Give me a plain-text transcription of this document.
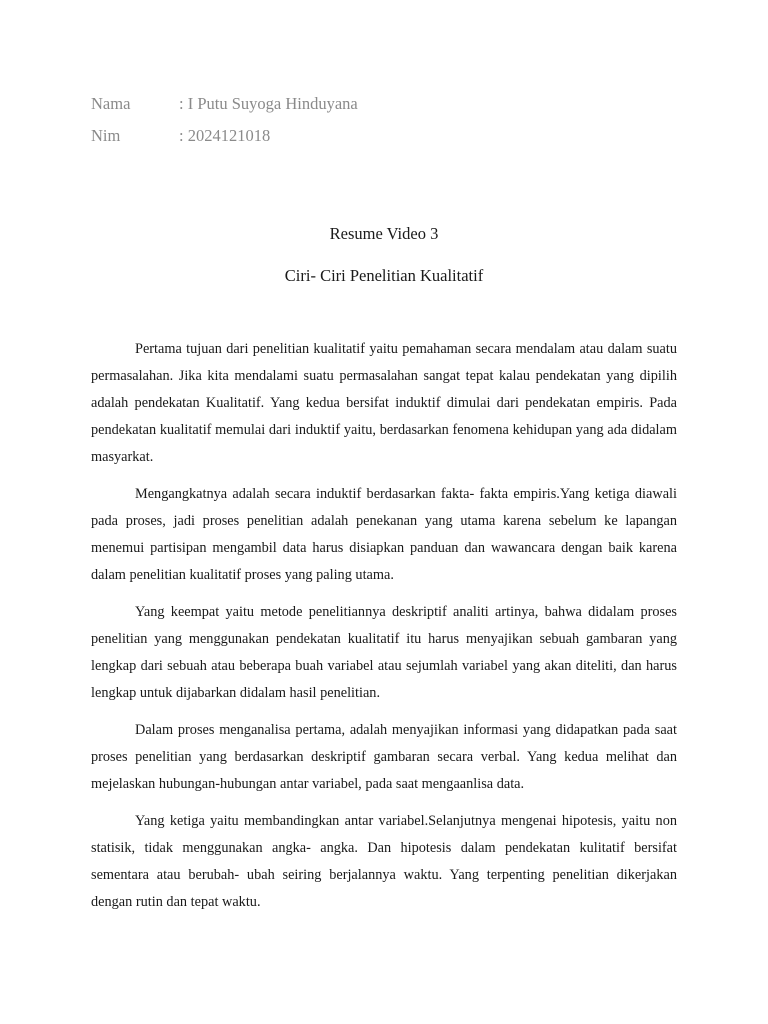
Nama	: I Putu Suyoga Hinduyana
Nim	: 2024121018
Resume Video 3
Ciri- Ciri Penelitian Kualitatif

Pertama tujuan dari penelitian kualitatif yaitu pemahaman secara mendalam atau dalam suatu permasalahan. Jika kita mendalami suatu permasalahan sangat tepat kalau pendekatan yang dipilih adalah pendekatan Kualitatif. Yang kedua bersifat induktif dimulai dari pendekatan empiris. Pada pendekatan kualitatif memulai dari induktif yaitu, berdasarkan fenomena kehidupan yang ada didalam masyarkat.

Mengangkatnya adalah secara induktif berdasarkan fakta- fakta empiris.Yang ketiga diawali pada proses, jadi proses penelitian adalah penekanan yang utama karena sebelum ke lapangan menemui partisipan mengambil data harus disiapkan panduan dan wawancara dengan baik karena dalam penelitian kualitatif proses yang paling utama.

Yang keempat yaitu metode penelitiannya deskriptif analiti artinya, bahwa didalam proses penelitian yang menggunakan pendekatan kualitatif itu harus menyajikan sebuah gambaran yang lengkap dari sebuah atau beberapa buah variabel atau sejumlah variabel yang akan diteliti, dan harus lengkap untuk dijabarkan didalam hasil penelitian.

Dalam proses menganalisa pertama, adalah menyajikan informasi yang didapatkan pada saat proses penelitian yang berdasarkan deskriptif gambaran secara verbal. Yang kedua melihat dan mejelaskan hubungan-hubungan antar variabel, pada saat mengaanlisa data.

Yang ketiga yaitu membandingkan antar variabel.Selanjutnya mengenai hipotesis, yaitu non statisik, tidak menggunakan angka- angka. Dan hipotesis dalam pendekatan kulitatif bersifat sementara atau berubah- ubah seiring berjalannya waktu. Yang terpenting penelitian dikerjakan dengan rutin dan tepat waktu.
